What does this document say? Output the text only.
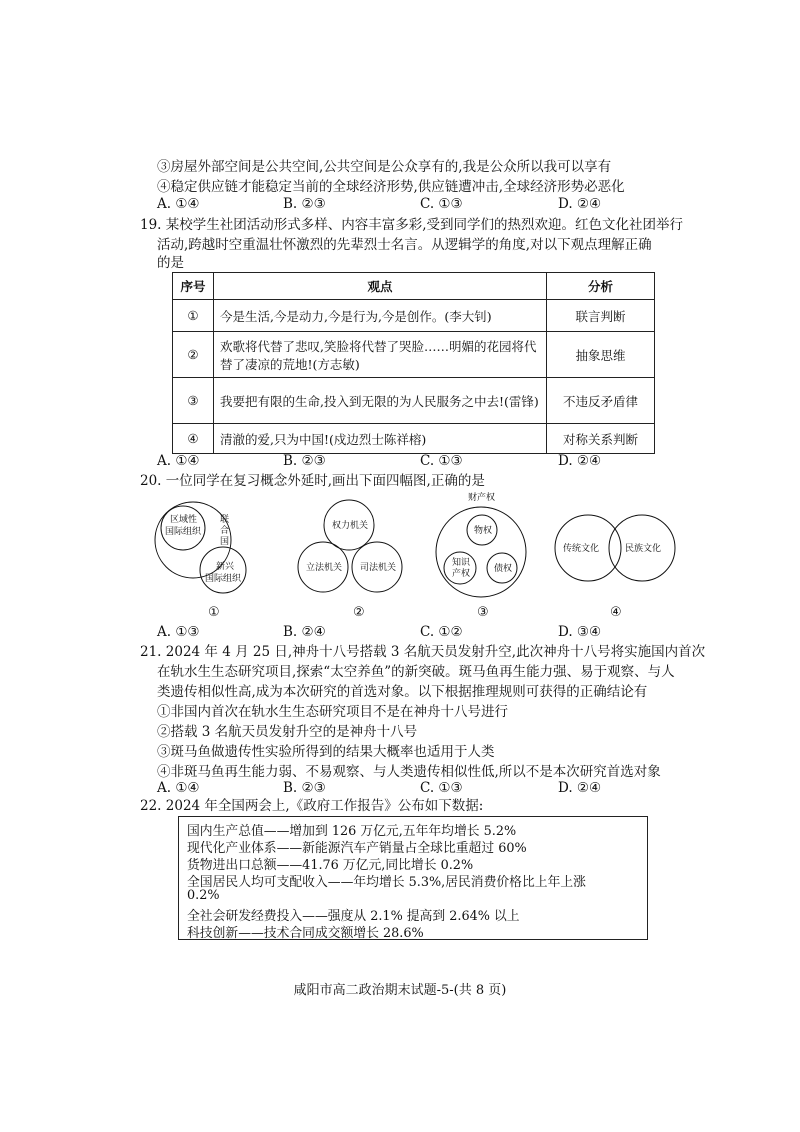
③房屋外部空间是公共空间,公共空间是公众享有的,我是公众所以我可以享有
④稳定供应链才能稳定当前的全球经济形势,供应链遭冲击,全球经济形势必恶化
A. ①④	B. ②③	C. ①③	D. ②④
19. 某校学生社团活动形式多样、内容丰富多彩,受到同学们的热烈欢迎。红色文化社团举行
活动,跨越时空重温壮怀激烈的先辈烈士名言。从逻辑学的角度,对以下观点理解正确
的是
序号	观点	分析
①	今是生活,今是动力,今是行为,今是创作。(李大钊)	联言判断
②	欢歌将代替了悲叹,笑脸将代替了哭脸……明媚的花园将代替了凄凉的荒地!(方志敏)	抽象思维
③	我要把有限的生命,投入到无限的为人民服务之中去!(雷锋)	不违反矛盾律
④	清澈的爱,只为中国!(戍边烈士陈祥榕)	对称关系判断
A. ①④	B. ②③	C. ①③	D. ②④
20. 一位同学在复习概念外延时,画出下面四幅图,正确的是
区域性
国际组织
联
合
国
新兴
国际组织
①
权力机关
立法机关 司法机关
②
财产权
物权
知识
产权	债权
③
传统文化	民族文化
④
A. ①③	B. ②④	C. ①②	D. ③④
21. 2024 年 4 月 25 日,神舟十八号搭载 3 名航天员发射升空,此次神舟十八号将实施国内首次
在轨水生生态研究项目,探索“太空养鱼”的新突破。斑马鱼再生能力强、易于观察、与人
类遗传相似性高,成为本次研究的首选对象。以下根据推理规则可获得的正确结论有
①非国内首次在轨水生生态研究项目不是在神舟十八号进行
②搭载 3 名航天员发射升空的是神舟十八号
③斑马鱼做遗传性实验所得到的结果大概率也适用于人类
④非斑马鱼再生能力弱、不易观察、与人类遗传相似性低,所以不是本次研究首选对象
A. ①④	B. ②③	C. ①③	D. ②④
22. 2024 年全国两会上,《政府工作报告》公布如下数据:
国内生产总值——增加到 126 万亿元,五年年均增长 5.2%
现代化产业体系——新能源汽车产销量占全球比重超过 60%
货物进出口总额——41.76 万亿元,同比增长 0.2%
全国居民人均可支配收入——年均增长 5.3%,居民消费价格比上年上涨
0.2%
全社会研发经费投入——强度从 2.1% 提高到 2.64% 以上
科技创新——技术合同成交额增长 28.6%
咸阳市高二政治期末试题-5-(共 8 页)
